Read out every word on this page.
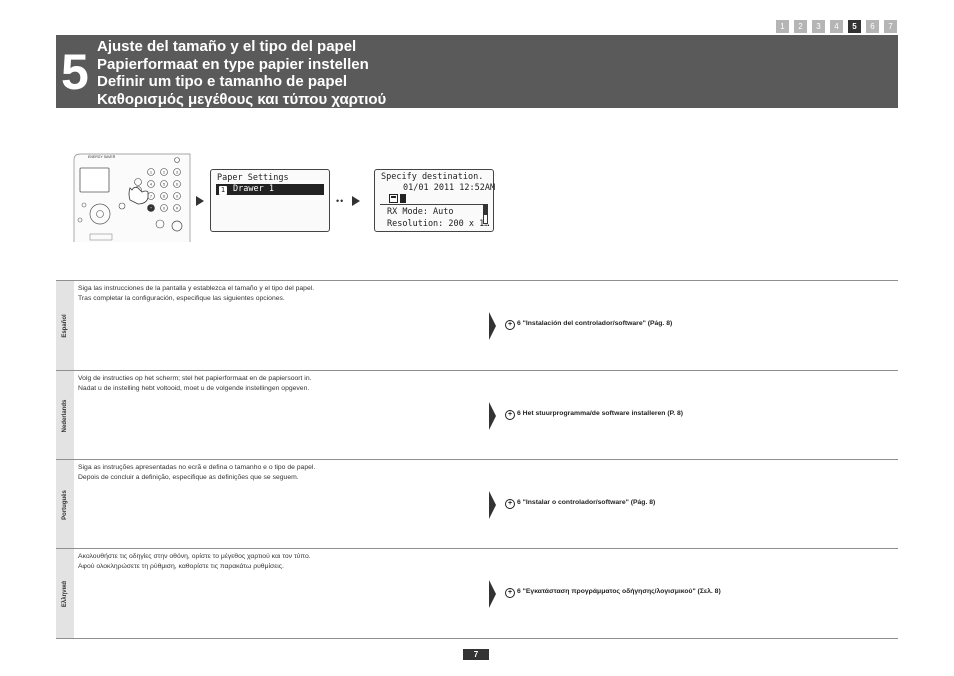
1	2	3	4	5	6	7
5 Ajuste del tamaño y el tipo del papel
Papierformaat en type papier instellen
Definir um tipo e tamanho de papel
Καθορισμός μεγέθους και τύπου χαρτιού
ENERGY SAVER
1	2	3
4	5	6
7	8	9
*	0	#
Paper Settings
1 Drawer 1
••
Specify destination.
01/01 2011 12:52AM
RX Mode: Auto
Resolution: 200 x 1…
Español
Siga las instrucciones de la pantalla y establezca el tamaño y el tipo del papel.
Tras completar la configuración, especifique las siguientes opciones.
+ 6 "Instalación del controlador/software" (Pág. 8)
Nederlands
Volg de instructies op het scherm; stel het papierformaat en de papiersoort in.
Nadat u de instelling hebt voltooid, moet u de volgende instellingen opgeven.
+ 6 Het stuurprogramma/de software installeren (P. 8)
Português
Siga as instruções apresentadas no ecrã e defina o tamanho e o tipo de papel.
Depois de concluir a definição, especifique as definições que se seguem.
+ 6 "Instalar o controlador/software" (Pág. 8)
Ελληνικά
Ακολουθήστε τις οδηγίες στην οθόνη, ορίστε το μέγεθος χαρτιού και τον τύπο.
Αφού ολοκληρώσετε τη ρύθμιση, καθορίστε τις παρακάτω ρυθμίσεις.
+ 6 "Εγκατάσταση προγράμματος οδήγησης/λογισμικού" (Σελ. 8)
7
